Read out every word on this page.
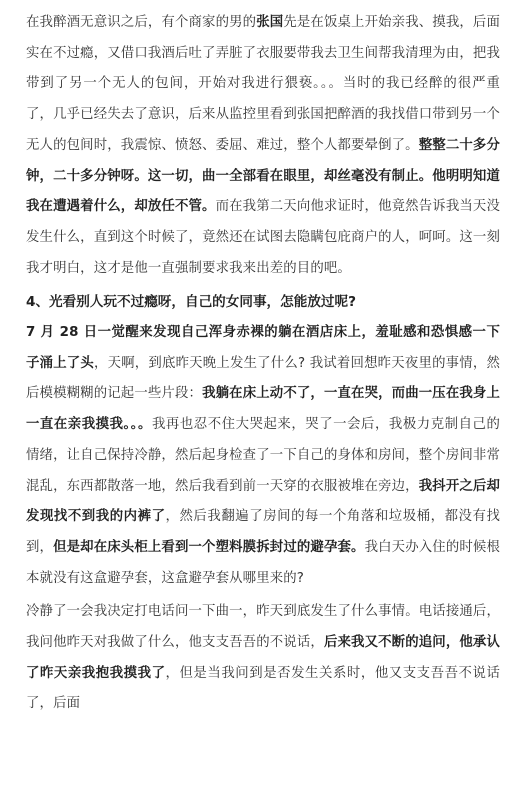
在我醉酒无意识之后，有个商家的男的张国先是在饭桌上开始亲我、摸我，后面实在不过瘾，又借口我酒后吐了弄脏了衣服要带我去卫生间帮我清理为由，把我带到了另一个无人的包间，开始对我进行猥亵。。。当时的我已经醉的很严重了，几乎已经失去了意识，后来从监控里看到张国把醉酒的我找借口带到另一个无人的包间时，我震惊、愤怒、委屈、难过，整个人都要晕倒了。整整二十多分钟，二十多分钟呀。这一切，曲一全部看在眼里，却丝毫没有制止。他明明知道我在遭遇着什么，却放任不管。而在我第二天向他求证时，他竟然告诉我当天没发生什么，直到这个时候了，竟然还在试图去隐瞒包庇商户的人，呵呵。这一刻我才明白，这才是他一直强制要求我来出差的目的吧。

4、光看别人玩不过瘾呀，自己的女同事，怎能放过呢?

7 月 28 日一觉醒来发现自己浑身赤裸的躺在酒店床上，羞耻感和恐惧感一下子涌上了头，天啊，到底昨天晚上发生了什么? 我试着回想昨天夜里的事情，然后模模糊糊的记起一些片段：我躺在床上动不了，一直在哭，而曲一压在我身上一直在亲我摸我。。。我再也忍不住大哭起来，哭了一会后，我极力克制自己的情绪，让自己保持冷静，然后起身检查了一下自己的身体和房间，整个房间非常混乱，东西都散落一地，然后我看到前一天穿的衣服被堆在旁边，我抖开之后却发现找不到我的内裤了，然后我翻遍了房间的每一个角落和垃圾桶，都没有找到，但是却在床头柜上看到一个塑料膜拆封过的避孕套。我白天办入住的时候根本就没有这盒避孕套，这盒避孕套从哪里来的?

冷静了一会我决定打电话问一下曲一，昨天到底发生了什么事情。电话接通后，我问他昨天对我做了什么，他支支吾吾的不说话，后来我又不断的追问，他承认了昨天亲我抱我摸我了，但是当我问到是否发生关系时，他又支支吾吾不说话了，后面
